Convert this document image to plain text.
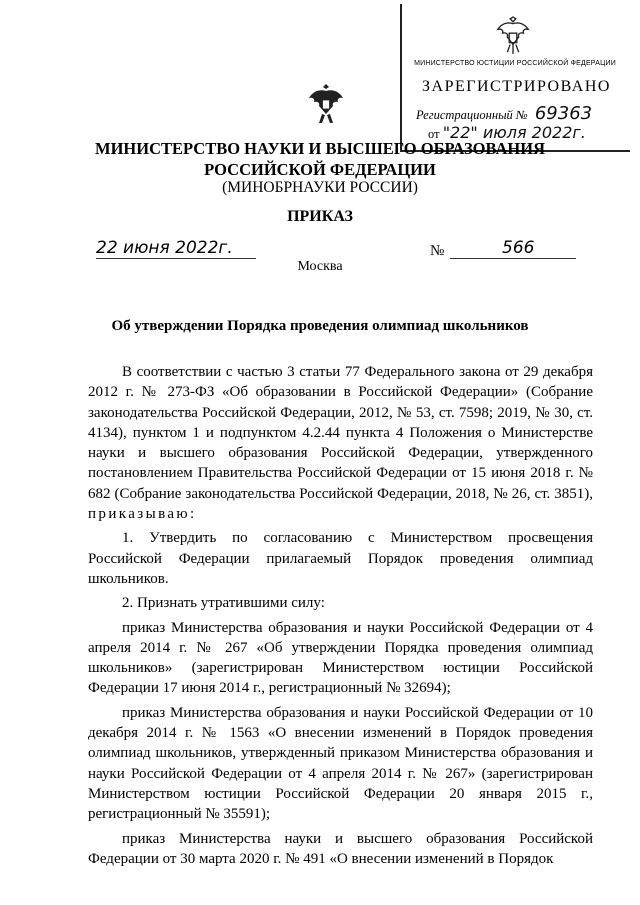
МИНИСТЕРСТВО ЮСТИЦИИ РОССИЙСКОЙ ФЕДЕРАЦИИ
ЗАРЕГИСТРИРОВАНО
Регистрационный № 69363
от "22" июля 2022г.
МИНИСТЕРСТВО НАУКИ И ВЫСШЕГО ОБРАЗОВАНИЯ
РОССИЙСКОЙ ФЕДЕРАЦИИ
(МИНОБРНАУКИ РОССИИ)
ПРИКАЗ
22 июня 2022г.	№	566
Москва
Об утверждении Порядка проведения олимпиад школьников

В соответствии с частью 3 статьи 77 Федерального закона от 29 декабря 2012 г. № 273-ФЗ «Об образовании в Российской Федерации» (Собрание законодательства Российской Федерации, 2012, № 53, ст. 7598; 2019, № 30, ст. 4134), пунктом 1 и подпунктом 4.2.44 пункта 4 Положения о Министерстве науки и высшего образования Российской Федерации, утвержденного постановлением Правительства Российской Федерации от 15 июня 2018 г. № 682 (Собрание законодательства Российской Федерации, 2018, № 26, ст. 3851), приказываю:

1. Утвердить по согласованию с Министерством просвещения Российской Федерации прилагаемый Порядок проведения олимпиад школьников.

2. Признать утратившими силу:

приказ Министерства образования и науки Российской Федерации от 4 апреля 2014 г. № 267 «Об утверждении Порядка проведения олимпиад школьников» (зарегистрирован Министерством юстиции Российской Федерации 17 июня 2014 г., регистрационный № 32694);

приказ Министерства образования и науки Российской Федерации от 10 декабря 2014 г. № 1563 «О внесении изменений в Порядок проведения олимпиад школьников, утвержденный приказом Министерства образования и науки Российской Федерации от 4 апреля 2014 г. № 267» (зарегистрирован Министерством юстиции Российской Федерации 20 января 2015 г., регистрационный № 35591);

приказ Министерства науки и высшего образования Российской Федерации от 30 марта 2020 г. № 491 «О внесении изменений в Порядок
